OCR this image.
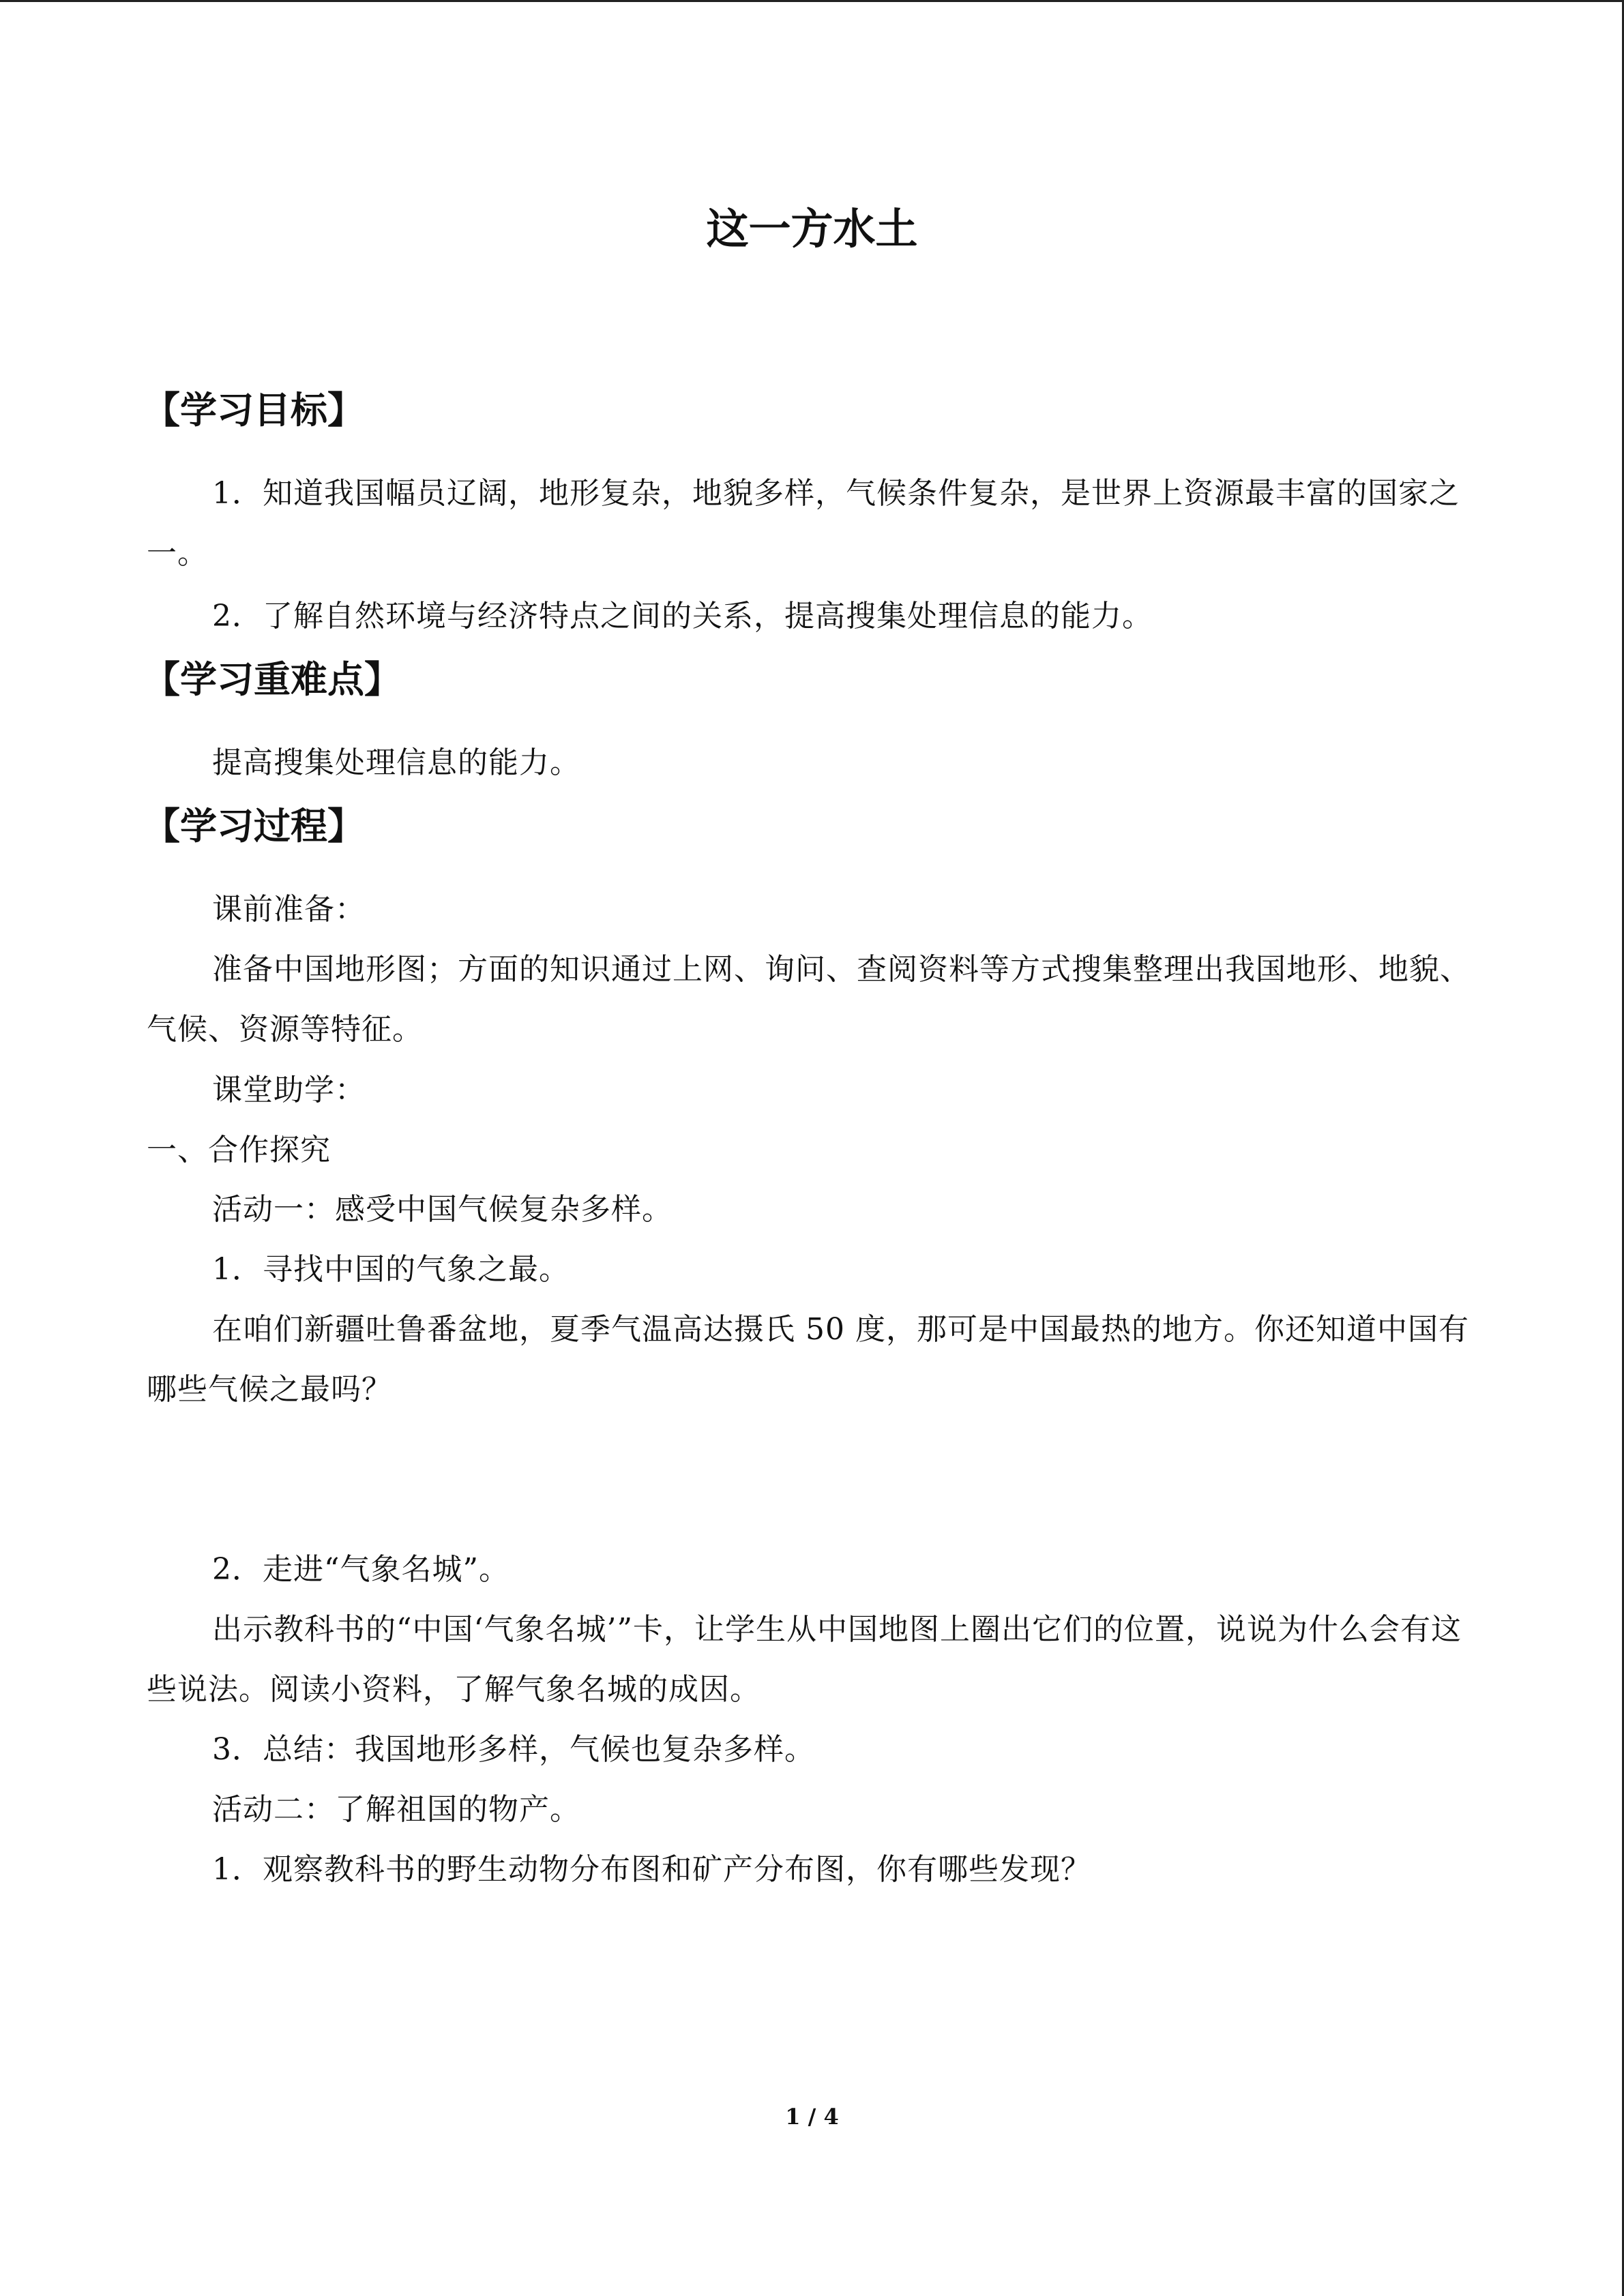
这一方水土
【学习目标】
1．知道我国幅员辽阔，地形复杂，地貌多样，气候条件复杂，是世界上资源最丰富的国家之一。
2．了解自然环境与经济特点之间的关系，提高搜集处理信息的能力。
【学习重难点】
提高搜集处理信息的能力。
【学习过程】
课前准备：
准备中国地形图；方面的知识通过上网、询问、查阅资料等方式搜集整理出我国地形、地貌、气候、资源等特征。
课堂助学：
一、合作探究
活动一：感受中国气候复杂多样。
1．寻找中国的气象之最。
在咱们新疆吐鲁番盆地，夏季气温高达摄氏 50 度，那可是中国最热的地方。你还知道中国有哪些气候之最吗？
2．走进“气象名城”。
出示教科书的“中国‘气象名城’”卡，让学生从中国地图上圈出它们的位置，说说为什么会有这些说法。阅读小资料，了解气象名城的成因。
3．总结：我国地形多样，气候也复杂多样。
活动二：了解祖国的物产。
1．观察教科书的野生动物分布图和矿产分布图，你有哪些发现？
1 / 4
